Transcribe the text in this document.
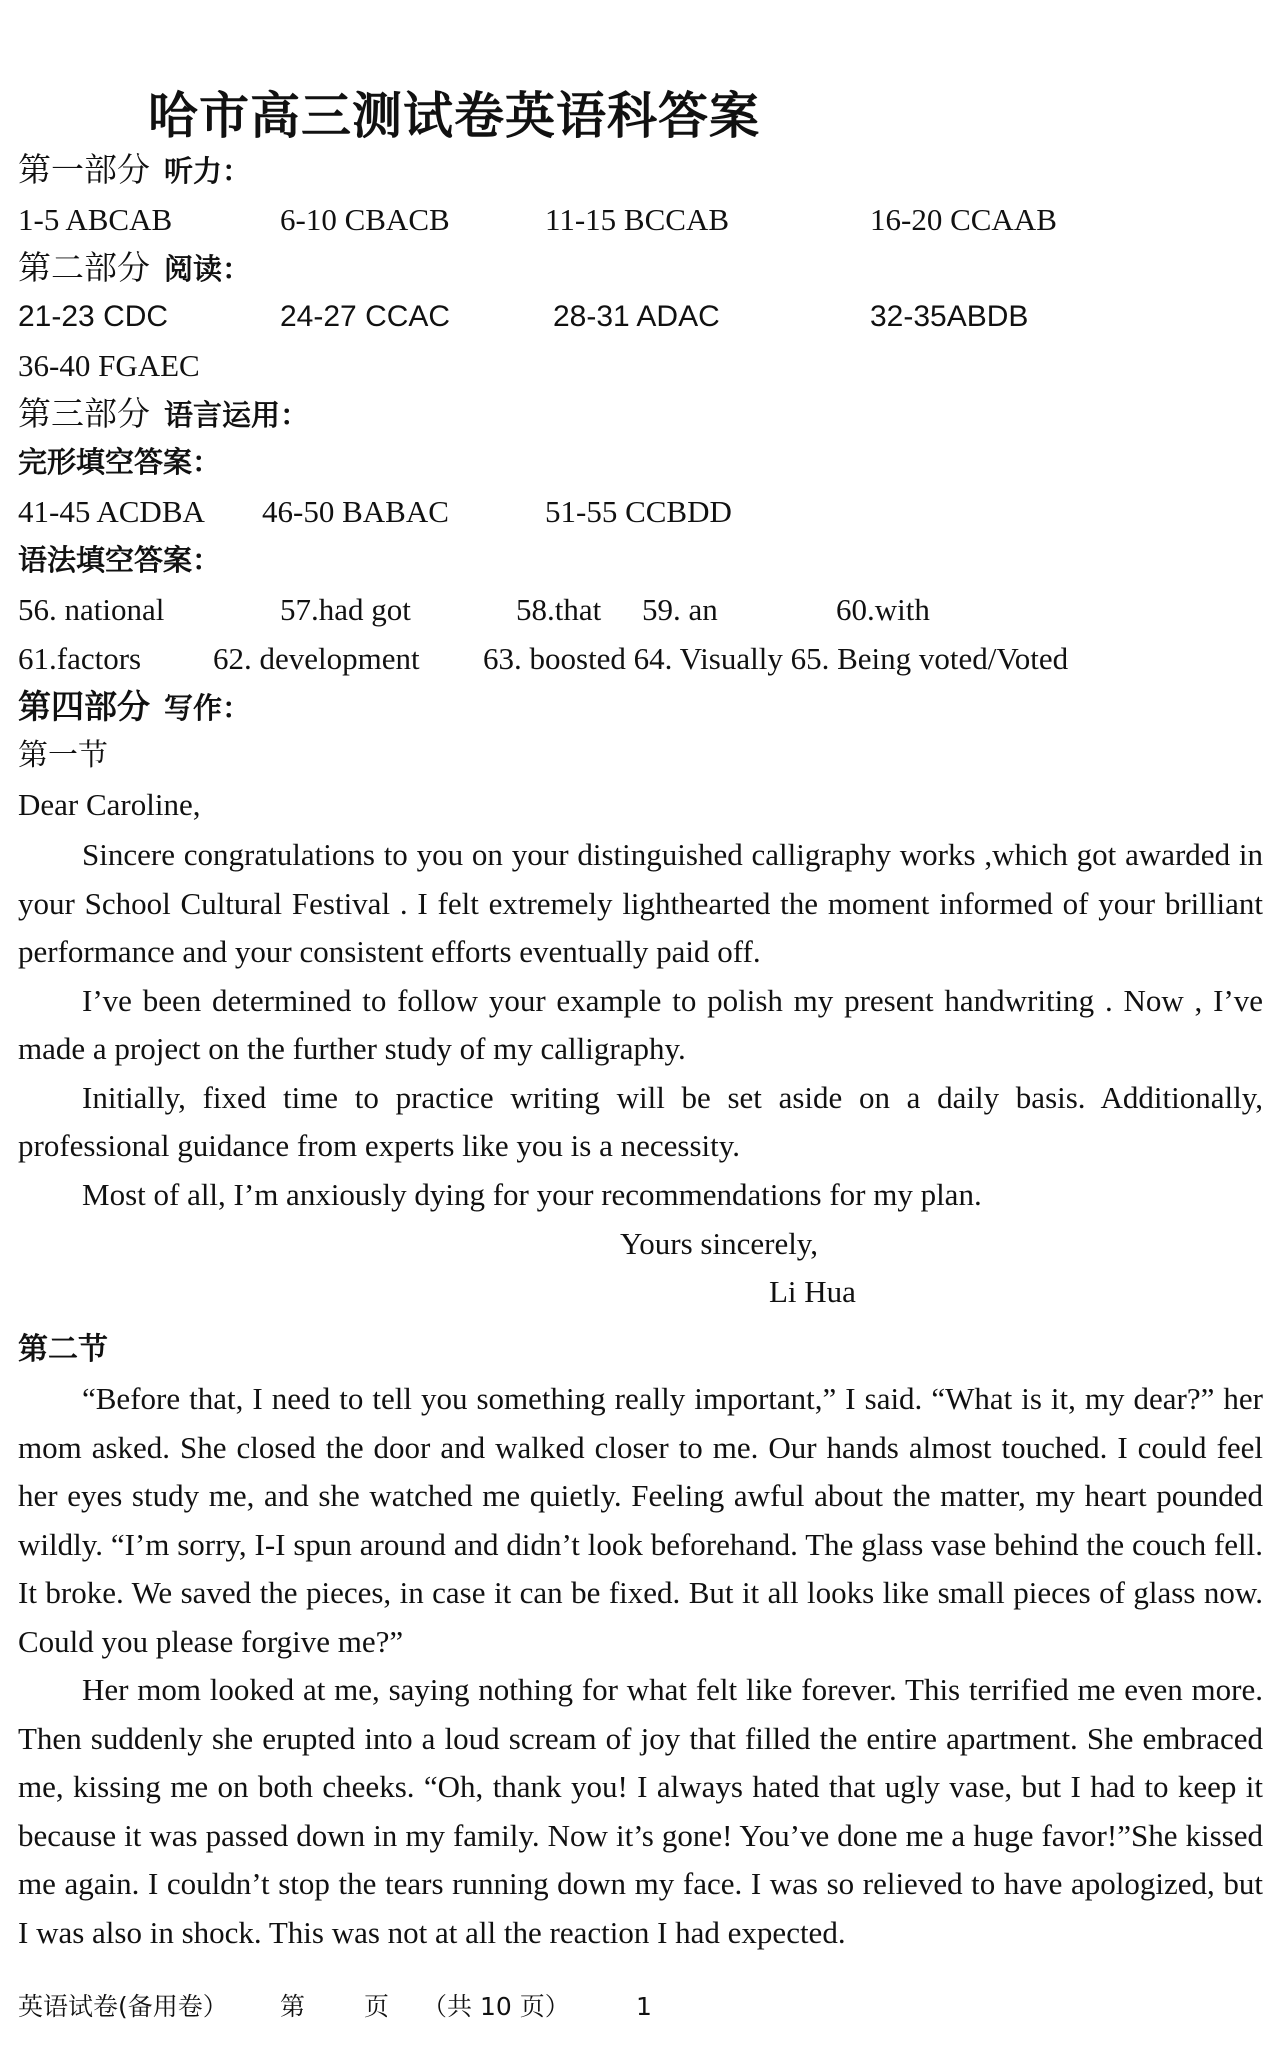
哈市高三测试卷英语科答案
第一部分 听力：
1-5 ABCAB	6-10 CBACB	11-15 BCCAB	16-20 CCAAB
第二部分 阅读：
21-23 CDC	24-27 CCAC	28-31 ADAC	32-35ABDB
36-40 FGAEC
第三部分 语言运用：
完形填空答案：
41-45 ACDBA 46-50 BABAC	51-55 CCBDD
语法填空答案：
56. national	57.had got	58.that 59. an	60.with
61.factors 62. development 63. boosted 64. Visually 65. Being voted/Voted
第四部分 写作：
第一节
Dear Caroline,

Sincere congratulations to you on your distinguished calligraphy works ,which got awarded in your School Cultural Festival . I felt extremely lighthearted the moment informed of your brilliant performance and your consistent efforts eventually paid off.

I’ve been determined to follow your example to polish my present handwriting . Now , I’ve made a project on the further study of my calligraphy.

Initially, fixed time to practice writing will be set aside on a daily basis. Additionally, professional guidance from experts like you is a necessity.

Most of all, I’m anxiously dying for your recommendations for my plan.

Yours sincerely,
Li Hua
第二节

“Before that, I need to tell you something really important,” I said. “What is it, my dear?” her mom asked. She closed the door and walked closer to me. Our hands almost touched. I could feel her eyes study me, and she watched me quietly. Feeling awful about the matter, my heart pounded wildly. “I’m sorry, I-I spun around and didn’t look beforehand. The glass vase behind the couch fell. It broke. We saved the pieces, in case it can be fixed. But it all looks like small pieces of glass now. Could you please forgive me?”

Her mom looked at me, saying nothing for what felt like forever. This terrified me even more. Then suddenly she erupted into a loud scream of joy that filled the entire apartment. She embraced me, kissing me on both cheeks. “Oh, thank you! I always hated that ugly vase, but I had to keep it because it was passed down in my family. Now it’s gone! You’ve done me a huge favor!”She kissed me again. I couldn’t stop the tears running down my face. I was so relieved to have apologized, but I was also in shock. This was not at all the reaction I had expected.

英语试卷(备用卷） 第 页 （共 10 页）	1
